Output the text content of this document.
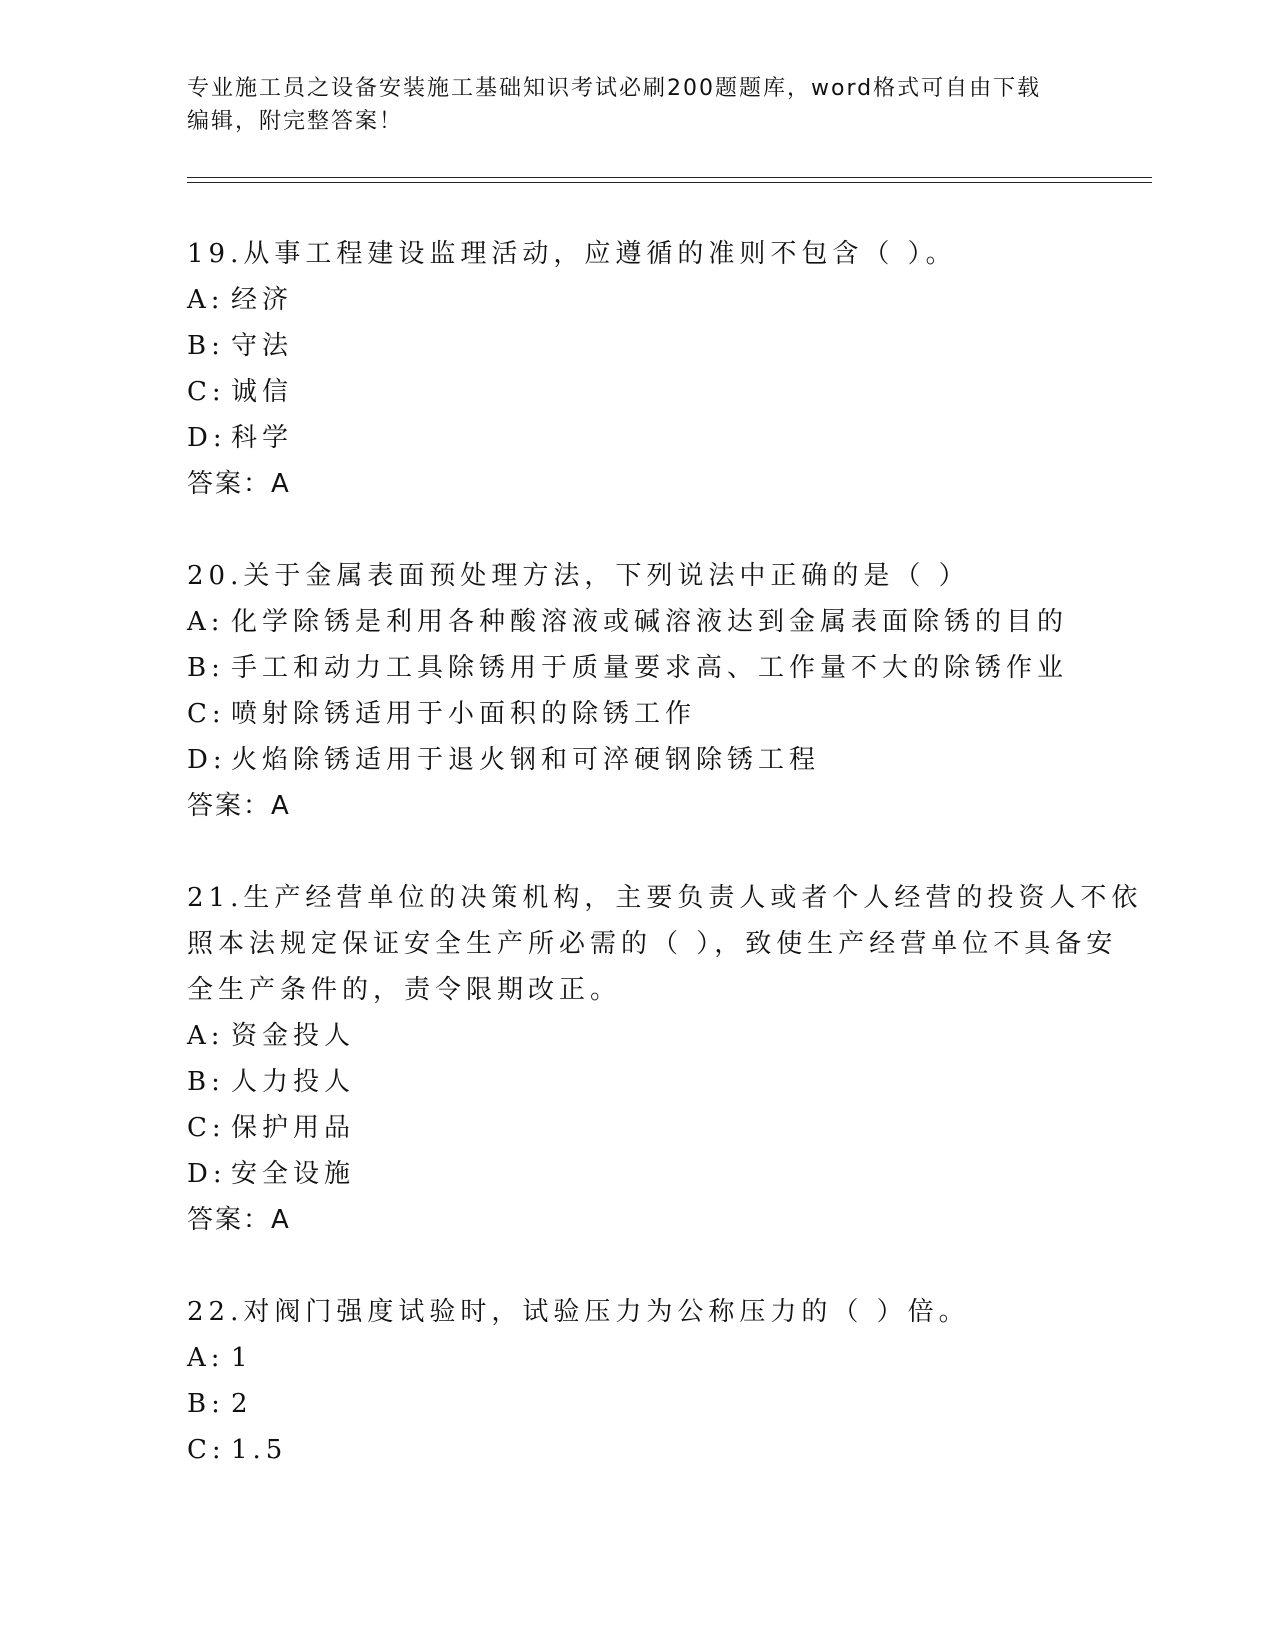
专业施工员之设备安装施工基础知识考试必刷200题题库，word格式可自由下载
编辑，附完整答案！
19.从事工程建设监理活动，应遵循的准则不包含（ ）。
A: 经济
B: 守法
C: 诚信
D: 科学
答案：A
20.关于金属表面预处理方法，下列说法中正确的是（ ）
A: 化学除锈是利用各种酸溶液或碱溶液达到金属表面除锈的目的
B: 手工和动力工具除锈用于质量要求高、工作量不大的除锈作业
C: 喷射除锈适用于小面积的除锈工作
D: 火焰除锈适用于退火钢和可淬硬钢除锈工程
答案：A
21.生产经营单位的决策机构，主要负责人或者个人经营的投资人不依
照本法规定保证安全生产所必需的（ ），致使生产经营单位不具备安
全生产条件的，责令限期改正。
A: 资金投人
B: 人力投人
C: 保护用品
D: 安全设施
答案：A
22.对阀门强度试验时，试验压力为公称压力的（ ）倍。
A: 1
B: 2
C: 1.5
